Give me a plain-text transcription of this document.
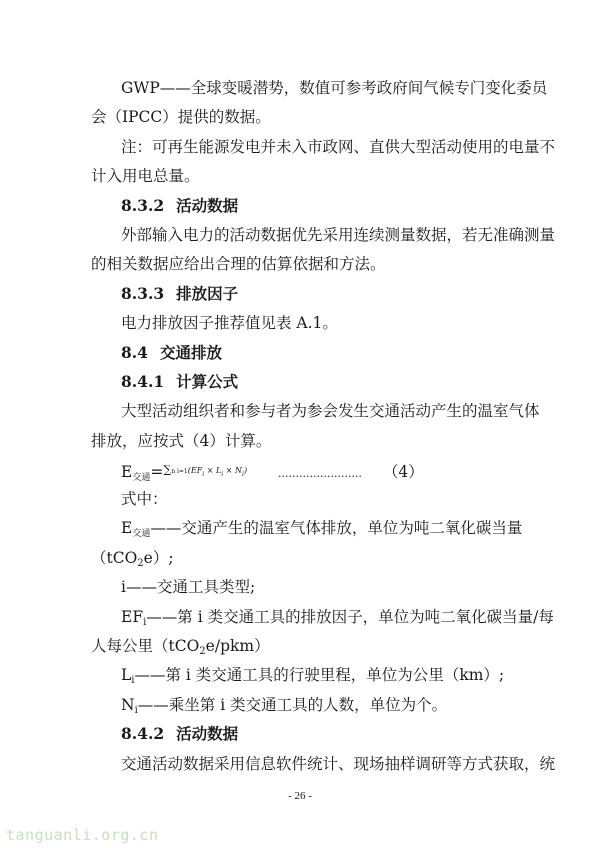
GWP——全球变暖潜势，数值可参考政府间气候专门变化委员
会（IPCC）提供的数据。
注：可再生能源发电并未入市政网、直供大型活动使用的电量不
计入用电总量。
8.3.2 活动数据
外部输入电力的活动数据优先采用连续测量数据，若无准确测量
的相关数据应给出合理的估算依据和方法。
8.3.3 排放因子
电力排放因子推荐值见表 A.1。
8.4 交通排放
8.4.1 计算公式
大型活动组织者和参与者为参会发生交通活动产生的温室气体
排放，应按式（4）计算。
$E_{交通}=^{\sum n i=1(EF_i \times L_i \times N_i)}$	........................ （4）
式中：
$E_{交通}——$交通产生的温室气体排放，单位为吨二氧化碳当量
（tCO$_2$e）;
i——交通工具类型;
$EF_i——$第 i 类交通工具的排放因子，单位为吨二氧化碳当量/每
人每公里（tCO$_2$e/pkm）
$L_i——$第 i 类交通工具的行驶里程，单位为公里（km）;
$N_i——$乘坐第 i 类交通工具的人数，单位为个。
8.4.2 活动数据
交通活动数据采用信息软件统计、现场抽样调研等方式获取，统
- 26 -
tanguanli.org.cn
